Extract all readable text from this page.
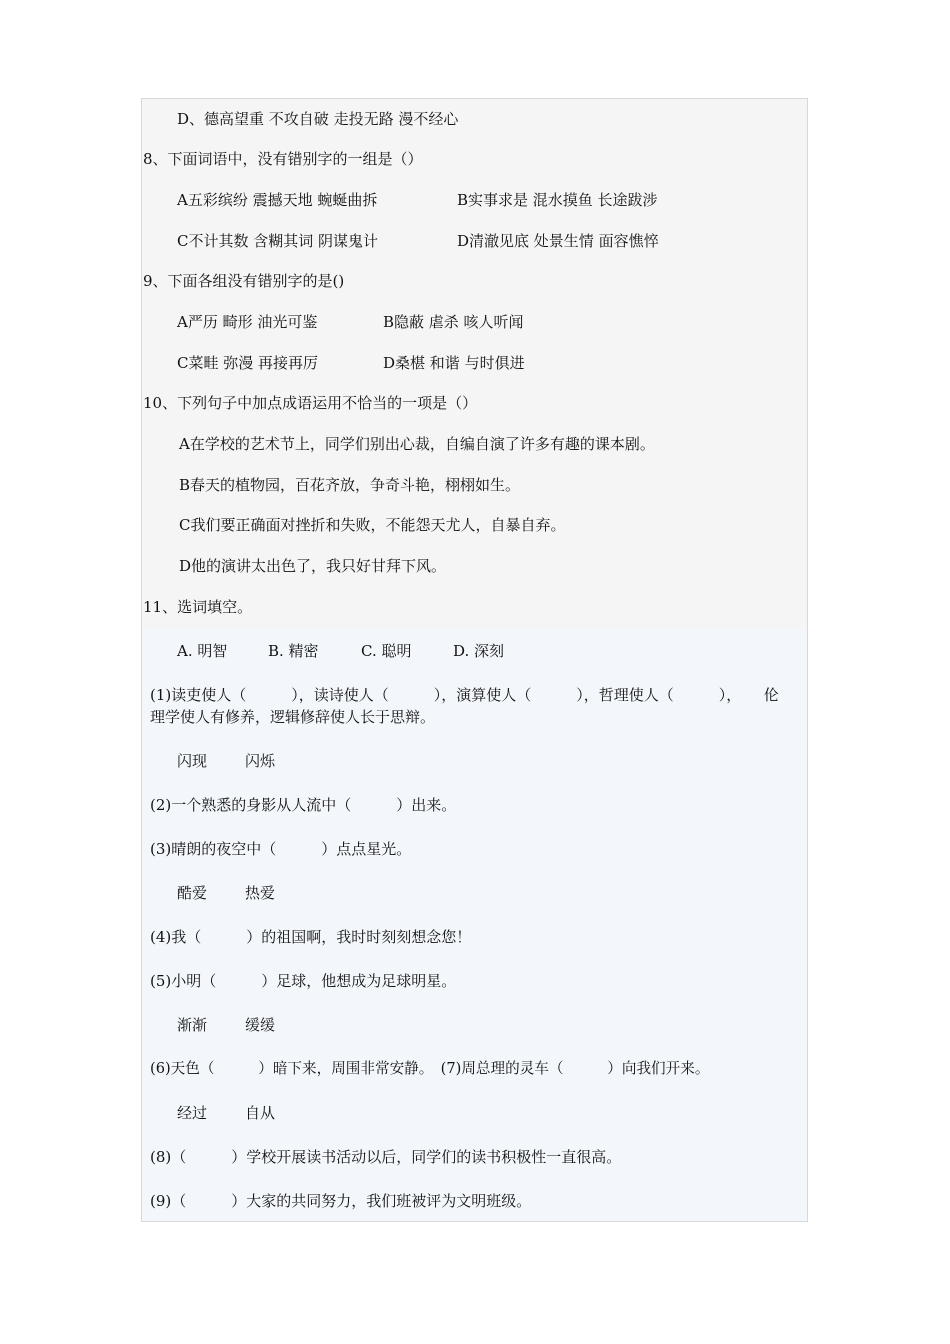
D、德高望重 不攻自破 走投无路 漫不经心
8、下面词语中，没有错别字的一组是（）
A五彩缤纷 震撼天地 蜿蜒曲拆	B实事求是 混水摸鱼 长途跋涉
C不计其数 含糊其词 阴谋鬼计	D清澈见底 处景生情 面容憔悴
9、下面各组没有错别字的是()
A严历 畸形 油光可鉴	B隐蔽 虐杀 咳人听闻
C菜畦 弥漫 再接再厉	D桑椹 和谐 与时俱进
10、下列句子中加点成语运用不恰当的一项是（）
A在学校的艺术节上，同学们别出心裁，自编自演了许多有趣的课本剧。
B春天的植物园，百花齐放，争奇斗艳，栩栩如生。
C我们要正确面对挫折和失败，不能怨天尤人，自暴自弃。
D他的演讲太出色了，我只好甘拜下风。
11、选词填空。
A. 明智	B. 精密	C. 聪明	D. 深刻
(1)读吏使人（　　　），读诗使人（　　　），演算使人（　　　），哲理使人（　　　），　　伦理学使人有修养，逻辑修辞使人长于思辩。
闪现	闪烁
(2)一个熟悉的身影从人流中（　　　）出来。
(3)晴朗的夜空中（　　　）点点星光。
酷爱	热爱
(4)我（　　　）的祖国啊，我时时刻刻想念您！
(5)小明（　　　）足球，他想成为足球明星。
渐渐	缓缓
(6)天色（　　　）暗下来，周围非常安静。　(7)周总理的灵车（　　　）向我们开来。
经过	自从
(8)（　　　）学校开展读书活动以后，同学们的读书积极性一直很高。
(9)（　　　）大家的共同努力，我们班被评为文明班级。
